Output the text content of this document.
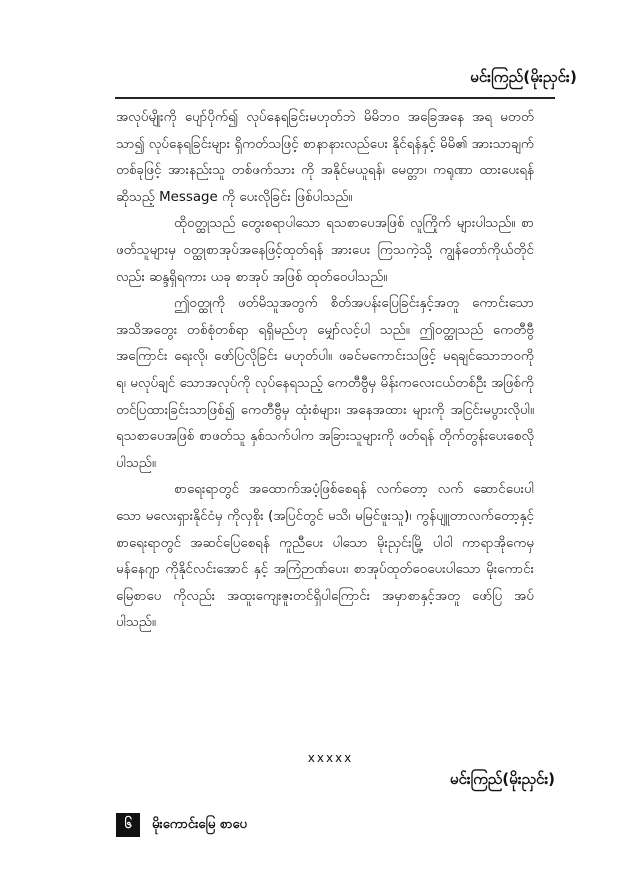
မင်းကြည်(မိုးညှင်း)

အလုပ်မျိုးကို ပျော်ပိုက်၍ လုပ်နေရခြင်းမဟုတ်ဘဲ မိမိဘဝ အခြေအနေ အရ မတတ်သာ၍ လုပ်နေရခြင်းများ ရှိကတ်သဖြင့် စာနာနားလည်ပေး နိုင်ရန်နှင့် မိမိ၏ အားသာချက်တစ်ခုဖြင့် အားနည်းသူ တစ်ဖက်သား ကို အနိုင်မယူရန်၊ မေတ္တာ၊ ကရုဏာ ထားပေးရန် ဆိုသည့် Message ကို ပေးလိုခြင်း ဖြစ်ပါသည်။

ထိုဝတ္ထုသည် တွေးစရာပါသော ရသစာပေအဖြစ် လူကြိုက် များပါသည်။ စာဖတ်သူများမှ ဝတ္ထုစာအုပ်အနေဖြင့်ထုတ်ရန် အားပေး ကြသကဲ့သို့ ကျွန်တော်ကိုယ်တိုင်လည်း ဆန္ဒရှိရကား ယခု စာအုပ် အဖြစ် ထုတ်ဝေပါသည်။

ဤဝတ္ထုကို ဖတ်မိသူအတွက် စိတ်အပန်းပြေခြင်းနှင့်အတူ ကောင်းသော အသိအတွေး တစ်စုံတစ်ရာ ရရှိမည်ဟု မျှော်လင့်ပါ သည်။ ဤဝတ္ထုသည် ကေတီဗွီအကြောင်း ရေးလို၊ ဖော်ပြလိုခြင်း မဟုတ်ပါ။ ဖခင်မကောင်းသဖြင့် မရချင်သောဘဝကို ရ၊ မလုပ်ချင် သောအလုပ်ကို လုပ်နေရသည့် ကေတီဗွီမှ မိန်းကလေးငယ်တစ်ဦး အဖြစ်ကို တင်ပြထားခြင်းသာဖြစ်၍ ကေတီဗွီမှ ထုံးစံများ၊ အနေအထား များကို အငြင်းမပွားလိုပါ။ ရသစာပေအဖြစ် စာဖတ်သူ နှစ်သက်ပါက အခြားသူများကို ဖတ်ရန် တိုက်တွန်းပေးစေလိုပါသည်။

စာရေးရာတွင် အထောက်အပံ့ဖြစ်စေရန် လက်တော့ လက် ဆောင်ပေးပါသော မလေးရှားနိုင်ငံမှ ကိုလှစိုး (အပြင်တွင် မသိ၊ မမြင်ဖူးသူ)၊ ကွန်ပျူတာလက်တော့နှင့် စာရေးရာတွင် အဆင်ပြေစေရန် ကူညီပေး ပါသော မိုးညှင်းမြို့ ပါဝါ ကာရာအိုကေမှ မန်နေဂျာ ကိုနိုင်လင်းအောင် နှင့် အကြံဉာဏ်ပေး၊ စာအုပ်ထုတ်ဝေပေးပါသော မိုးကောင်းမြေစာပေ ကိုလည်း အထူးကျေးဇူးတင်ရှိပါကြောင်း အမှာစာနှင့်အတူ ဖော်ပြ အပ်ပါသည်။

xxxxx
မင်းကြည်(မိုးညှင်း)
၆	မိုးကောင်းမြေ စာပေ
